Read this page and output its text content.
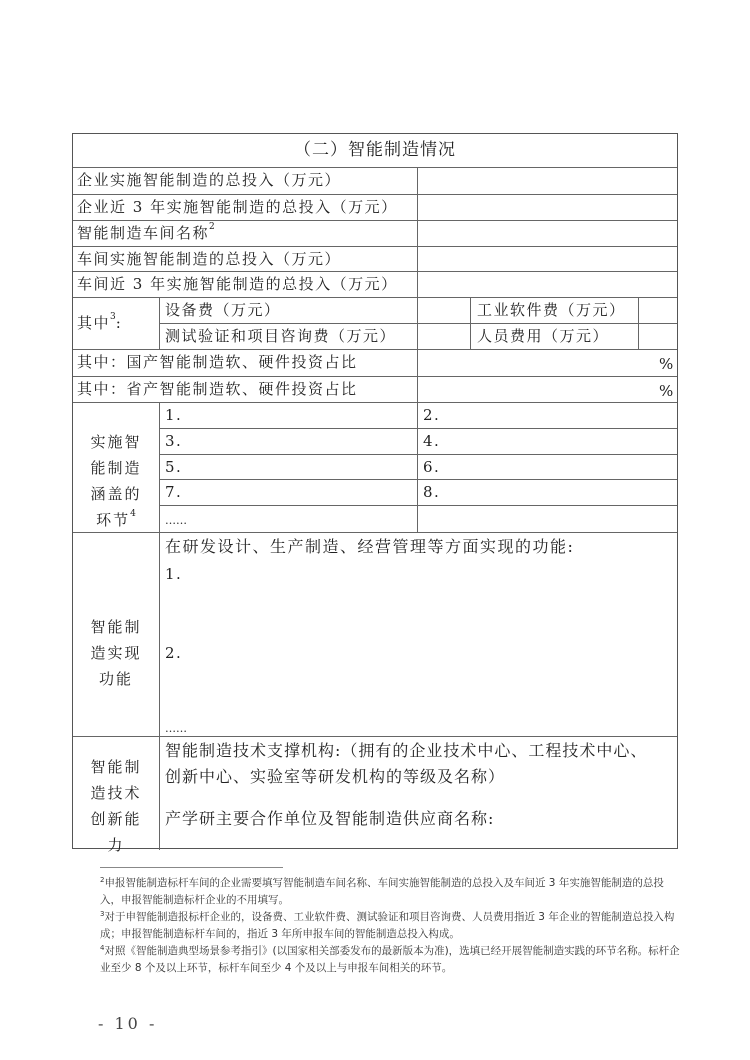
（二）智能制造情况
企业实施智能制造的总投入（万元）
企业近 3 年实施智能制造的总投入（万元）
智能制造车间名称$^2$
车间实施智能制造的总投入（万元）
车间近 3 年实施智能制造的总投入（万元）
其中$^3$:
设备费（万元）	工业软件费（万元）
测试验证和项目咨询费（万元）	人员费用（万元）
其中：国产智能制造软、硬件投资占比	%
其中：省产智能制造软、硬件投资占比	%
实施智能制造涵盖的环节$^4$
1.	2.
3.	4.
5.	6.
7.	8.
……
智能制造实现功能
在研发设计、生产制造、经营管理等方面实现的功能:
1.
2.
……
智能制造技术创新能力
智能制造技术支撑机构:（拥有的企业技术中心、工程技术中心、
创新中心、实验室等研发机构的等级及名称）
产学研主要合作单位及智能制造供应商名称:
$^2$申报智能制造标杆车间的企业需要填写智能制造车间名称、车间实施智能制造的总投入及车间近 3 年实施智能制造的总投入，申报智能制造标杆企业的不用填写。
$^3$对于申智能制造报标杆企业的，设备费、工业软件费、测试验证和项目咨询费、人员费用指近 3 年企业的智能制造总投入构成；申报智能制造标杆车间的，指近 3 年所申报车间的智能制造总投入构成。
$^4$对照《智能制造典型场景参考指引》(以国家相关部委发布的最新版本为准)，选填已经开展智能制造实践的环节名称。标杆企业至少 8 个及以上环节，标杆车间至少 4 个及以上与申报车间相关的环节。
- 10 -
